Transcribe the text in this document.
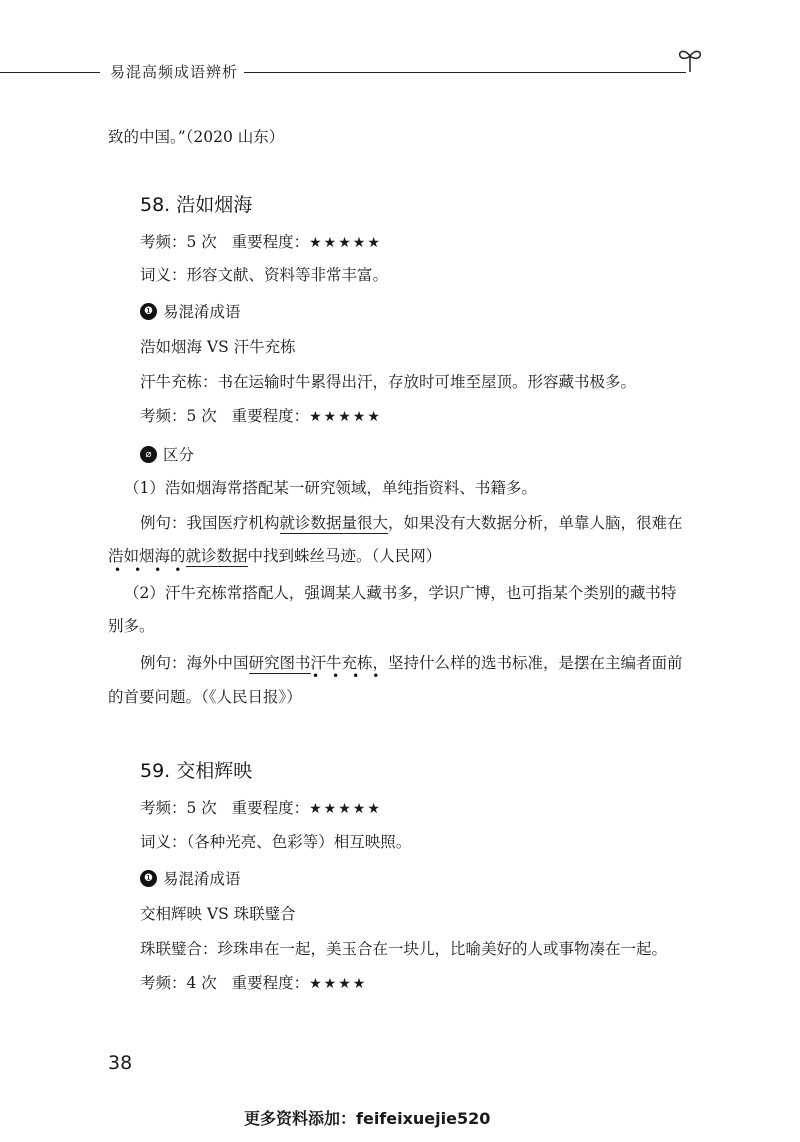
易混高频成语辨析
致的中国。”（2020 山东）
58. 浩如烟海
考频：5 次 重要程度：★★★★★
词义：形容文献、资料等非常丰富。
❶ 易混淆成语
浩如烟海 VS 汗牛充栋
汗牛充栋：书在运输时牛累得出汗，存放时可堆至屋顶。形容藏书极多。
考频：5 次 重要程度：★★★★★
⌀ 区分
（1）浩如烟海常搭配某一研究领域，单纯指资料、书籍多。
例句：我国医疗机构就诊数据量很大，如果没有大数据分析，单靠人脑，很难在
浩如烟海的就诊数据中找到蛛丝马迹。（人民网）
••••
（2）汗牛充栋常搭配人，强调某人藏书多，学识广博，也可指某个类别的藏书特
别多。
例句：海外中国研究图书汗牛充栋，坚持什么样的选书标准，是摆在主编者面前
••••
的首要问题。（《人民日报》）
59. 交相辉映
考频：5 次 重要程度：★★★★★
词义：（各种光亮、色彩等）相互映照。
❶ 易混淆成语
交相辉映 VS 珠联璧合
珠联璧合：珍珠串在一起，美玉合在一块儿，比喻美好的人或事物凑在一起。
考频：4 次 重要程度：★★★★
38
更多资料添加：feifeixuejie520
